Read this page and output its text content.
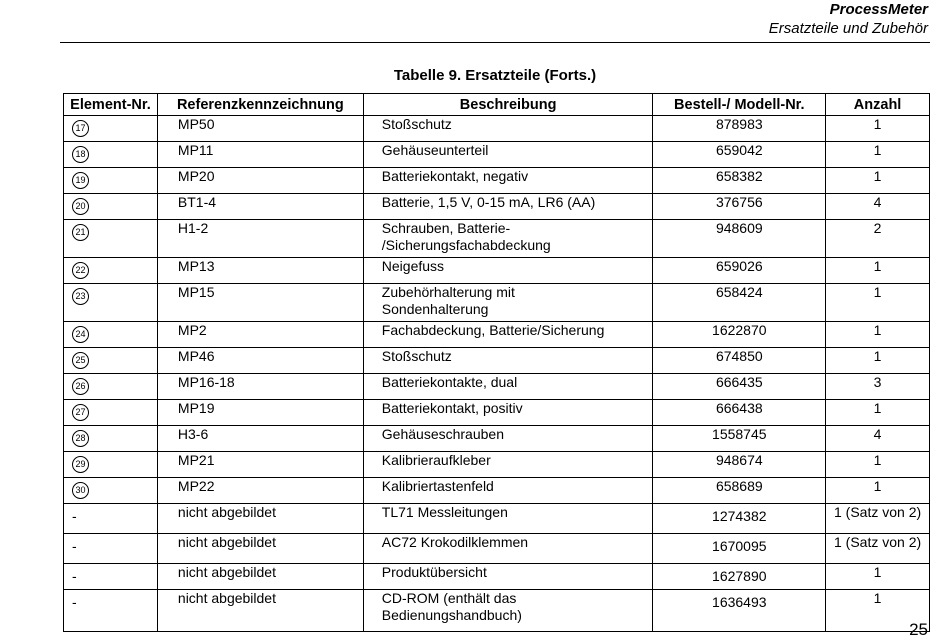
ProcessMeter
Ersatzteile und Zubehör
Tabelle 9. Ersatzteile (Forts.)
Element-Nr.	Referenzkennzeichnung	Beschreibung	Bestell-/ Modell-Nr.	Anzahl
17	MP50	Stoßschutz	878983	1
18	MP11	Gehäuseunterteil	659042	1
19	MP20	Batteriekontakt, negativ	658382	1
20	BT1-4	Batterie, 1,5 V, 0-15 mA, LR6 (AA)	376756	4
21	H1-2	Schrauben, Batterie-
/Sicherungsfachabdeckung	948609	2
22	MP13	Neigefuss	659026	1
23	MP15	Zubehörhalterung mit
Sondenhalterung	658424	1
24	MP2	Fachabdeckung, Batterie/Sicherung	1622870	1
25	MP46	Stoßschutz	674850	1
26	MP16-18	Batteriekontakte, dual	666435	3
27	MP19	Batteriekontakt, positiv	666438	1
28	H3-6	Gehäuseschrauben	1558745	4
29	MP21	Kalibrieraufkleber	948674	1
30	MP22	Kalibriertastenfeld	658689	1
-	nicht abgebildet	TL71 Messleitungen	1274382	1 (Satz von 2)
-	nicht abgebildet	AC72 Krokodilklemmen	1670095	1 (Satz von 2)
-	nicht abgebildet	Produktübersicht	1627890	1
-	nicht abgebildet	CD-ROM (enthält das
Bedienungshandbuch)	1636493	1
25
